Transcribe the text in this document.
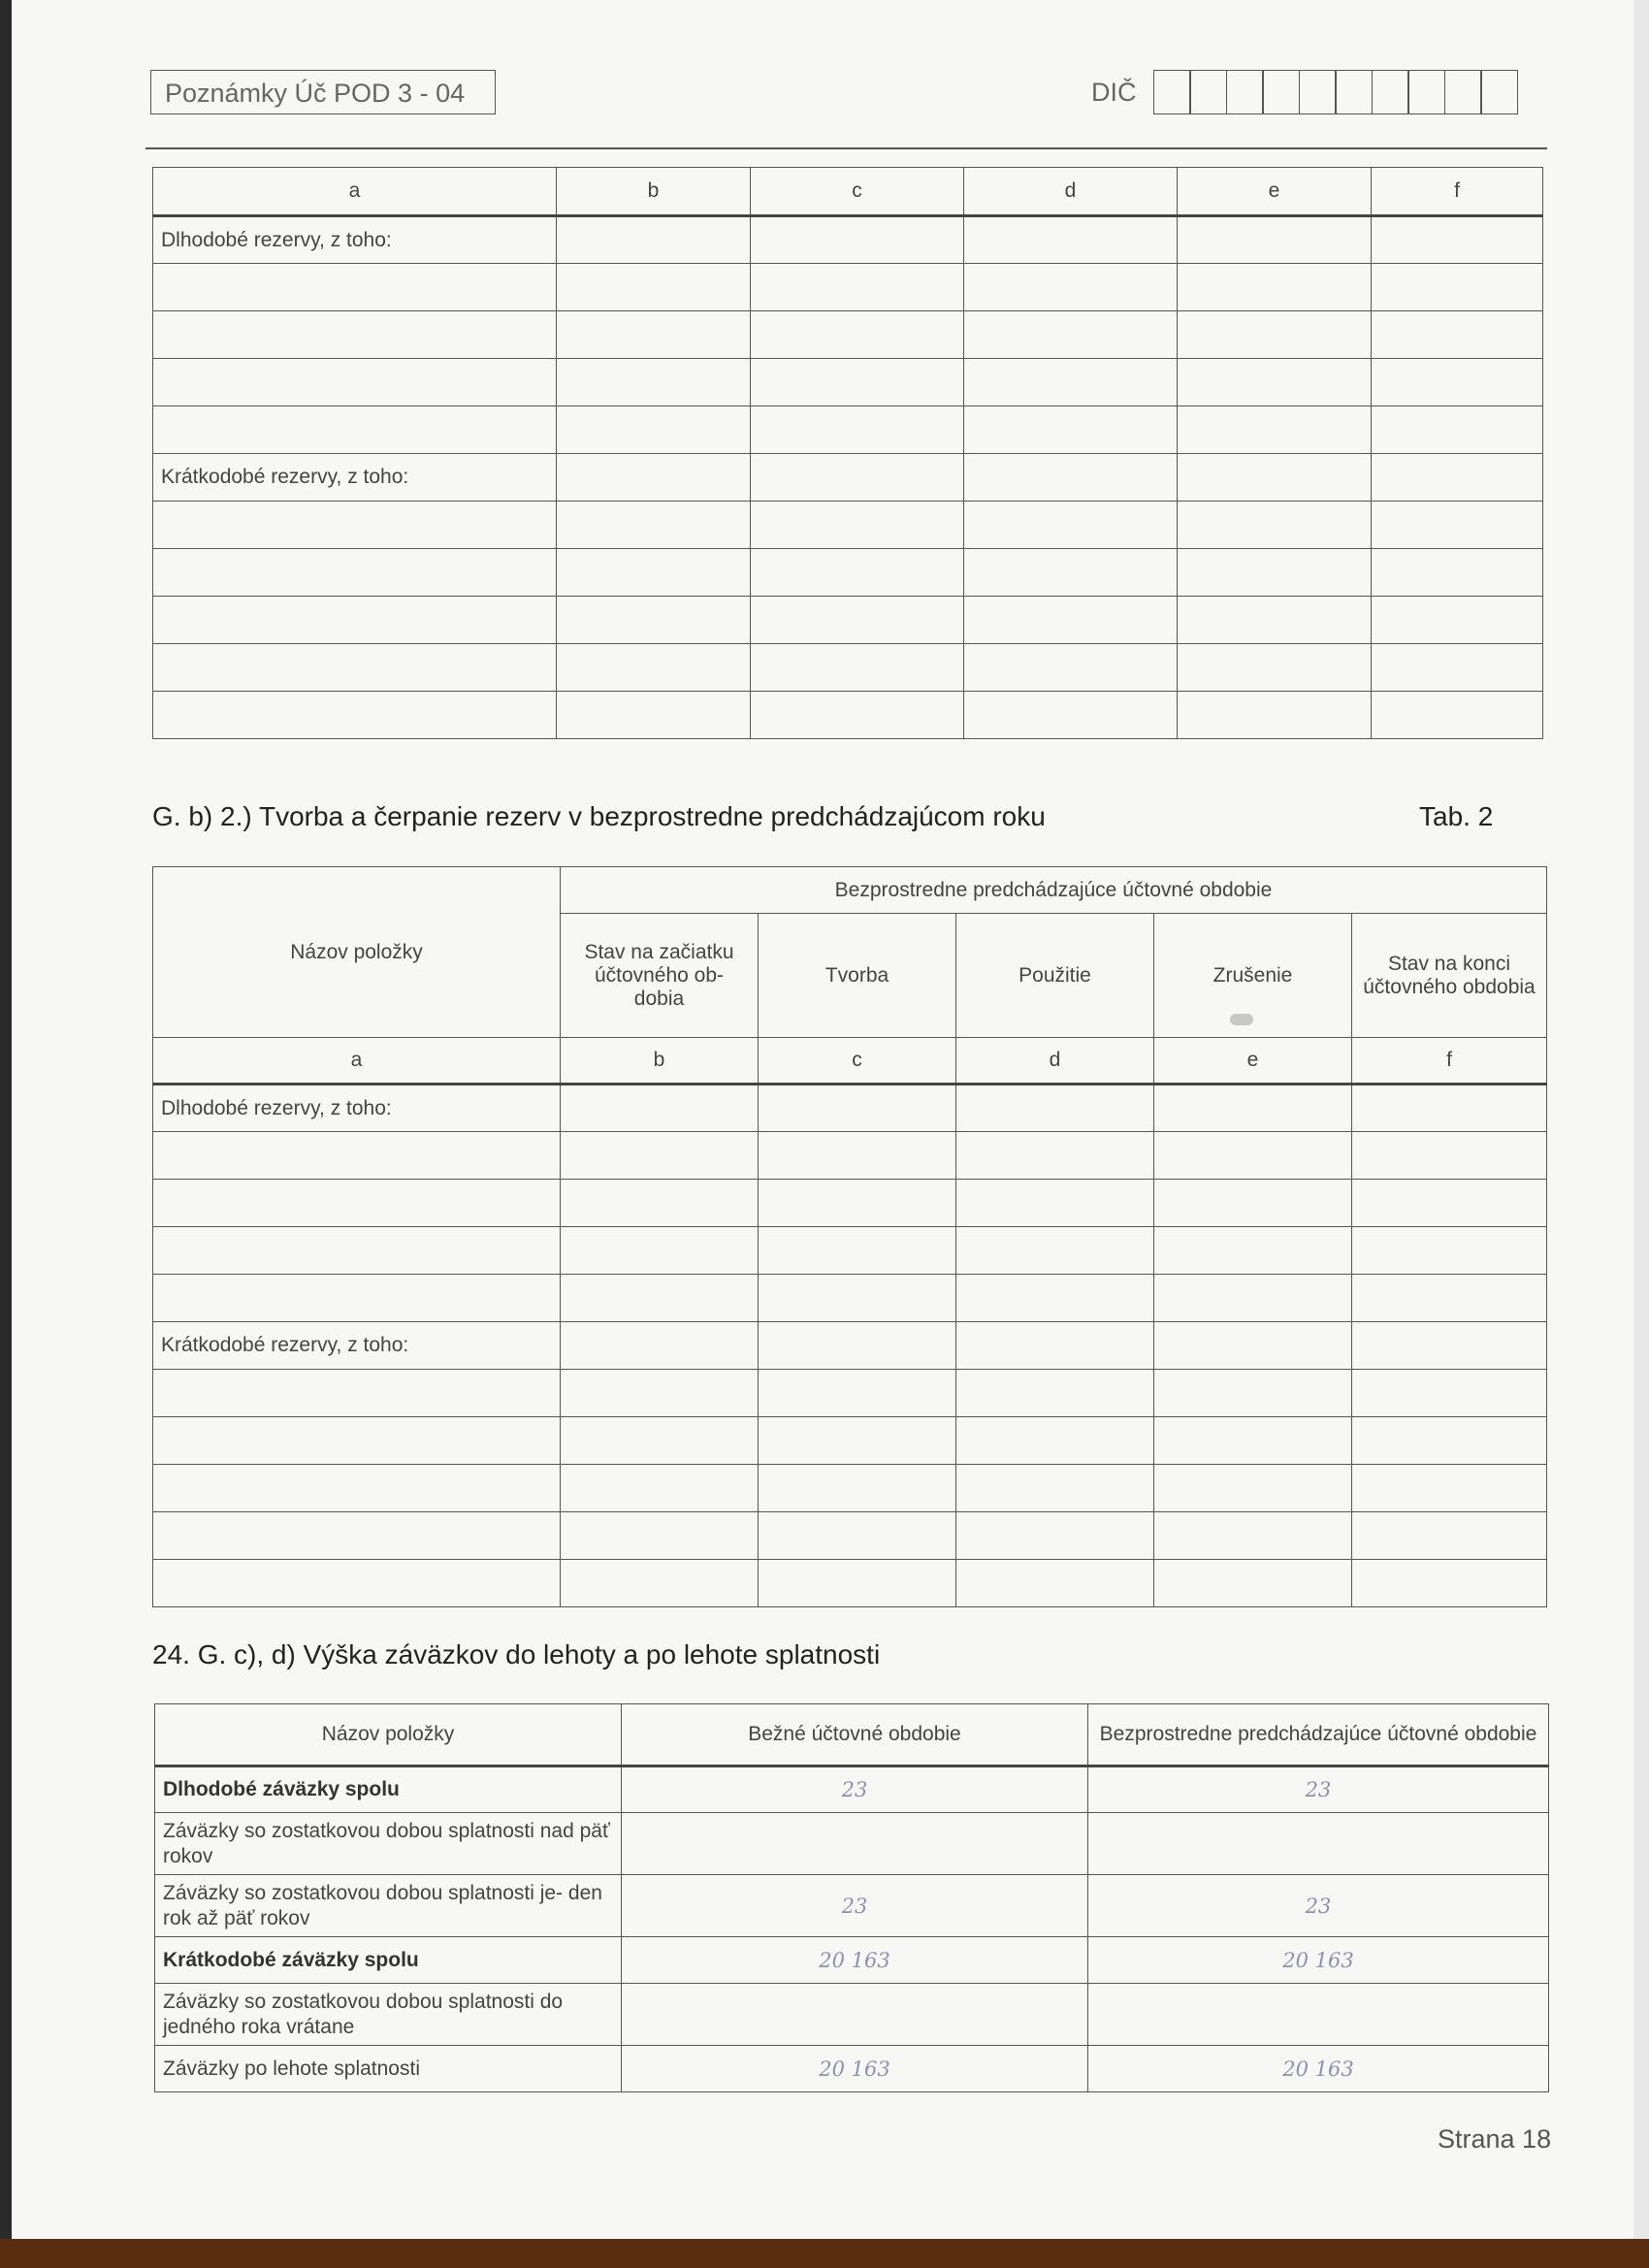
Poznámky Úč POD 3 - 04	DIČ
a	b	c	d	e	f
Dlhodobé rezervy, z toho:					

Krátkodobé rezervy, z toho:					

G. b) 2.) Tvorba a čerpanie rezerv v bezprostredne predchádzajúcom roku	Tab. 2
Názov položky	Bezprostredne predchádzajúce účtovné obdobie				
	Stav na začiatku účtovného ob- dobia	Tvorba	Použitie	Zrušenie	Stav na konci účtovného obdobia
a	b	c	d	e	f
Dlhodobé rezervy, z toho:					

Krátkodobé rezervy, z toho:					

24. G. c), d) Výška záväzkov do lehoty a po lehote splatnosti
Názov položky	Bežné účtovné obdobie	Bezprostredne predchádzajúce účtovné obdobie
Dlhodobé záväzky spolu	23	23
Záväzky so zostatkovou dobou splatnosti nad päť rokov		
Záväzky so zostatkovou dobou splatnosti je- den rok až päť rokov	23	23
Krátkodobé záväzky spolu	20 163	20 163
Záväzky so zostatkovou dobou splatnosti do jedného roka vrátane		
Záväzky po lehote splatnosti	20 163	20 163
Strana 18
